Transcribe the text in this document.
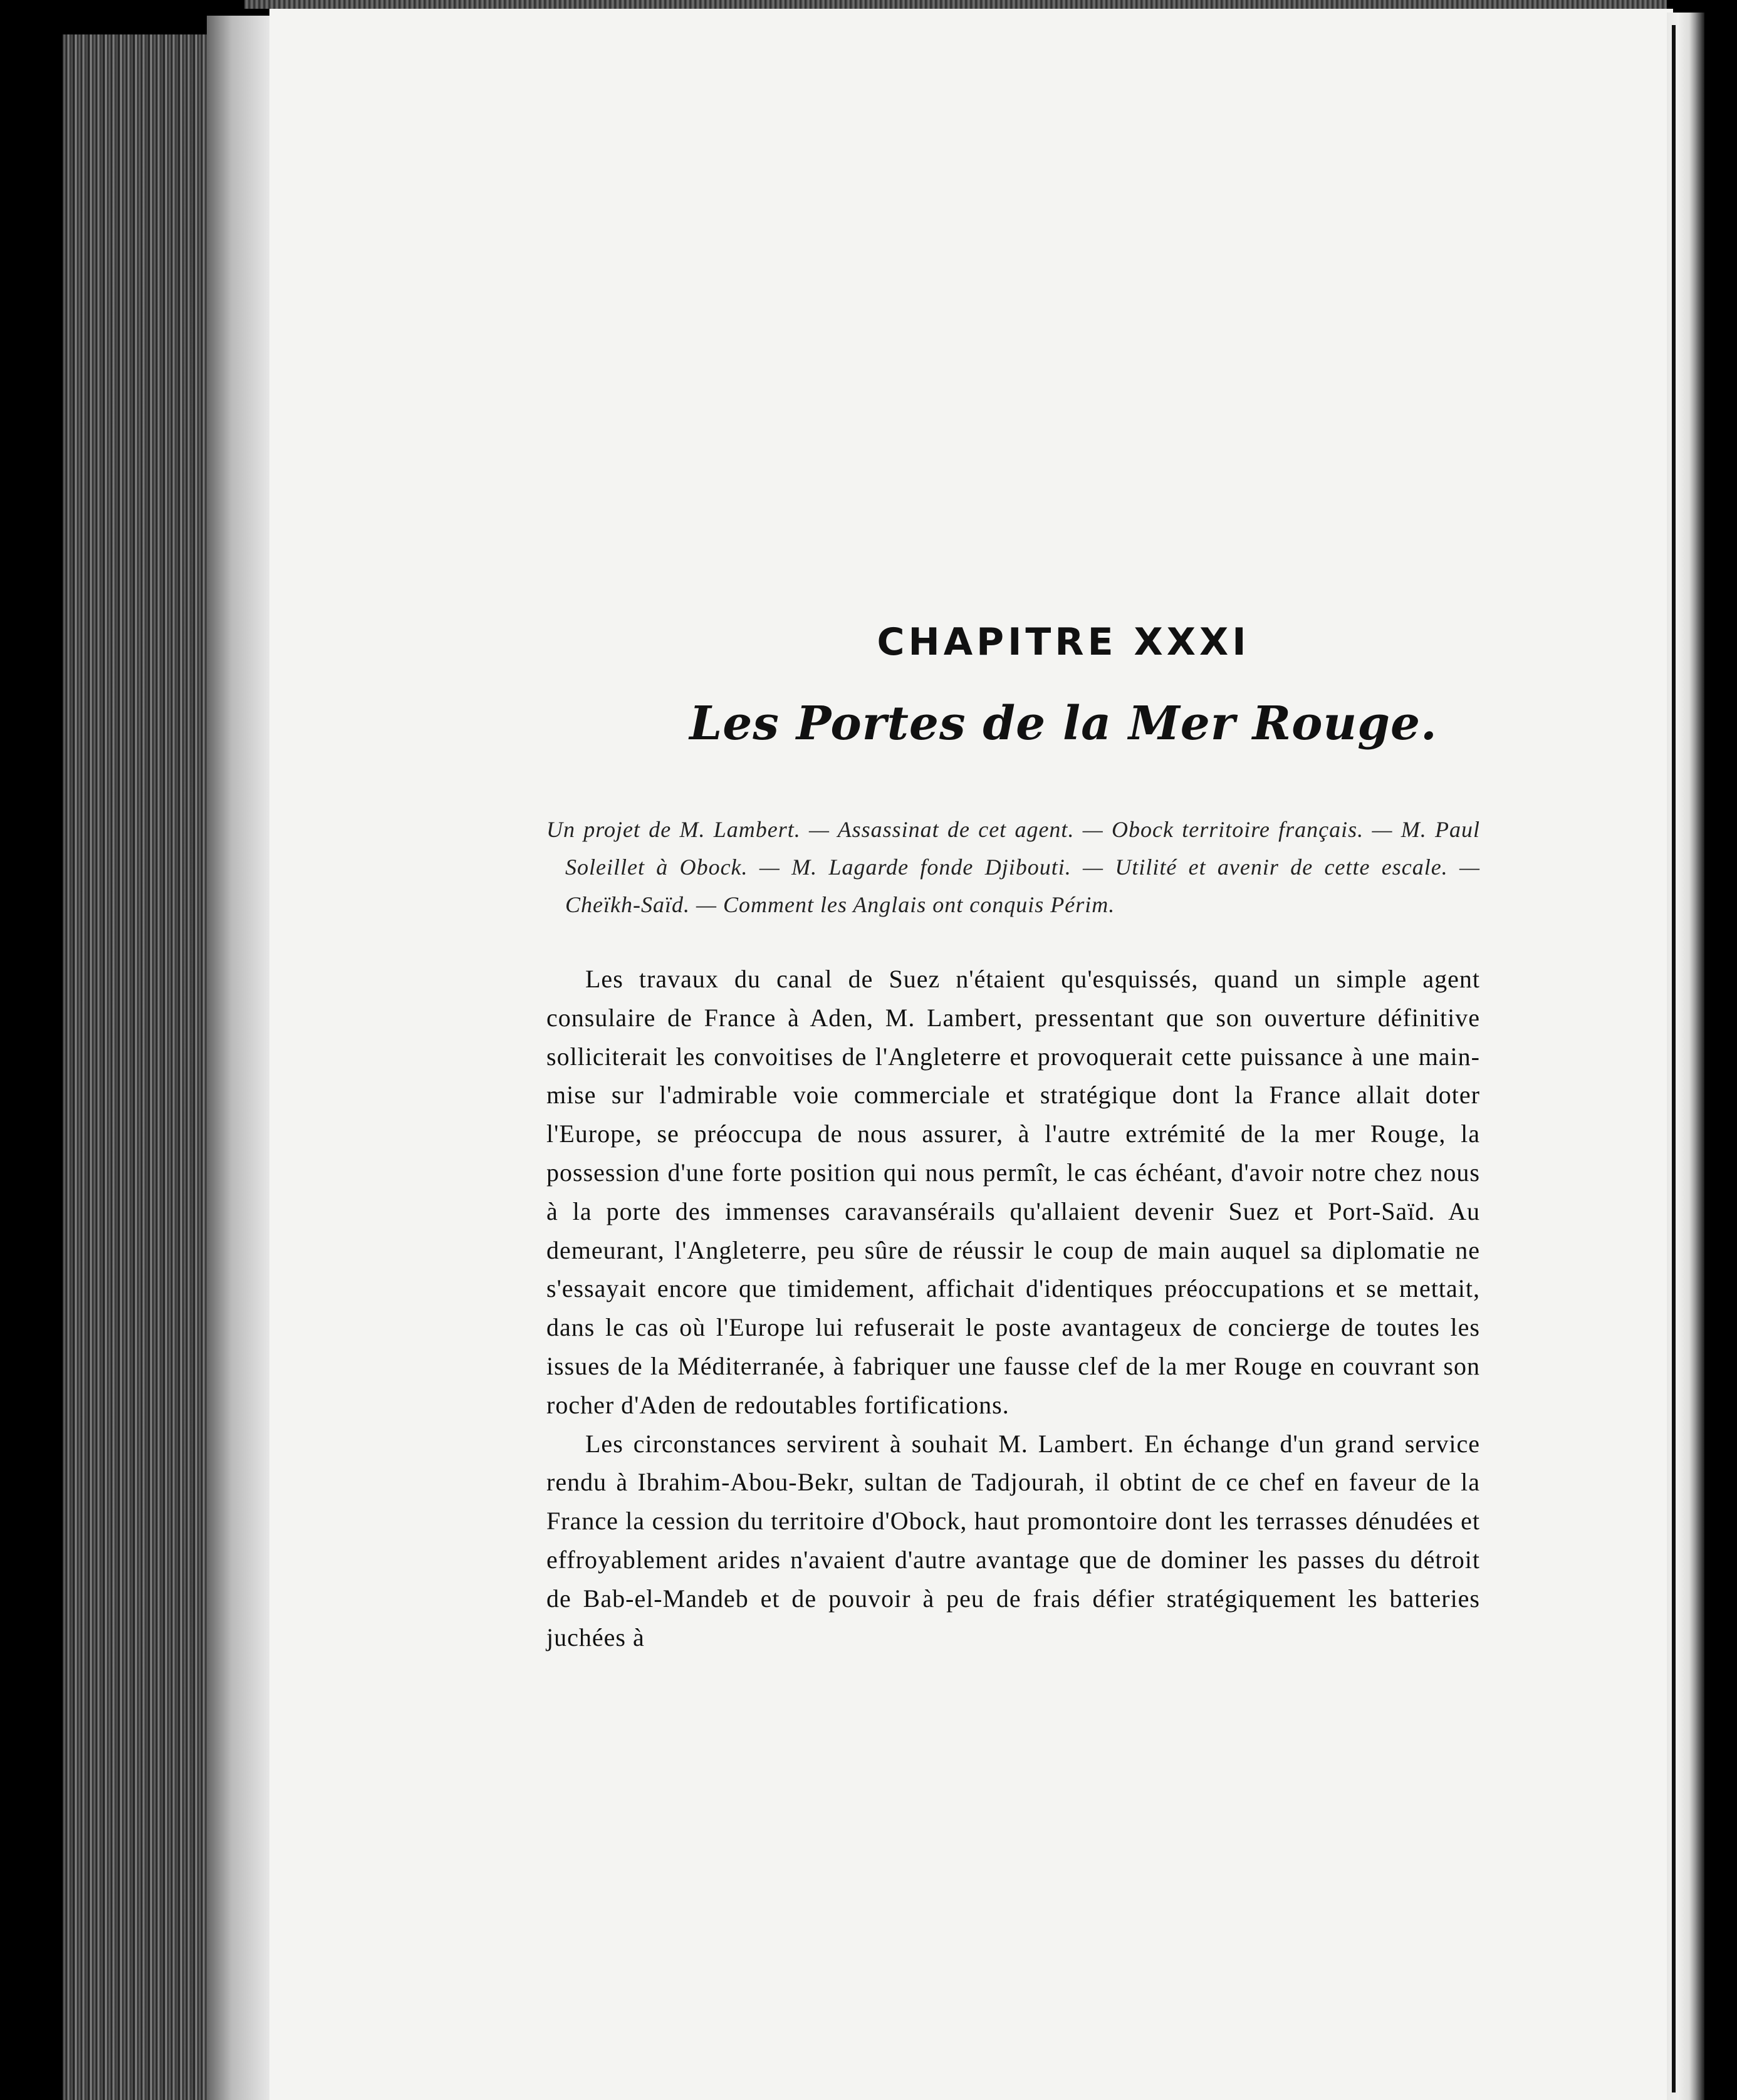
CHAPITRE XXXI
Les Portes de la Mer Rouge.

Un projet de M. Lambert. — Assassinat de cet agent. — Obock territoire français. — M. Paul Soleillet à Obock. — M. Lagarde fonde Djibouti. — Utilité et avenir de cette escale. — Cheïkh-Saïd. — Comment les Anglais ont conquis Périm.

Les travaux du canal de Suez n'étaient qu'esquissés, quand un simple agent consulaire de France à Aden, M. Lambert, pressentant que son ouverture définitive solliciterait les convoitises de l'Angleterre et provoquerait cette puissance à une main-mise sur l'admirable voie commerciale et stratégique dont la France allait doter l'Europe, se préoccupa de nous assurer, à l'autre extrémité de la mer Rouge, la possession d'une forte position qui nous permît, le cas échéant, d'avoir notre chez nous à la porte des immenses caravansérails qu'allaient devenir Suez et Port-Saïd. Au demeurant, l'Angleterre, peu sûre de réussir le coup de main auquel sa diplomatie ne s'essayait encore que timidement, affichait d'identiques préoccupations et se mettait, dans le cas où l'Europe lui refuserait le poste avantageux de concierge de toutes les issues de la Méditerranée, à fabriquer une fausse clef de la mer Rouge en couvrant son rocher d'Aden de redoutables fortifications.

Les circonstances servirent à souhait M. Lambert. En échange d'un grand service rendu à Ibrahim-Abou-Bekr, sultan de Tadjourah, il obtint de ce chef en faveur de la France la cession du territoire d'Obock, haut promontoire dont les terrasses dénudées et effroyablement arides n'avaient d'autre avantage que de dominer les passes du détroit de Bab-el-Mandeb et de pouvoir à peu de frais défier stratégiquement les batteries juchées à
